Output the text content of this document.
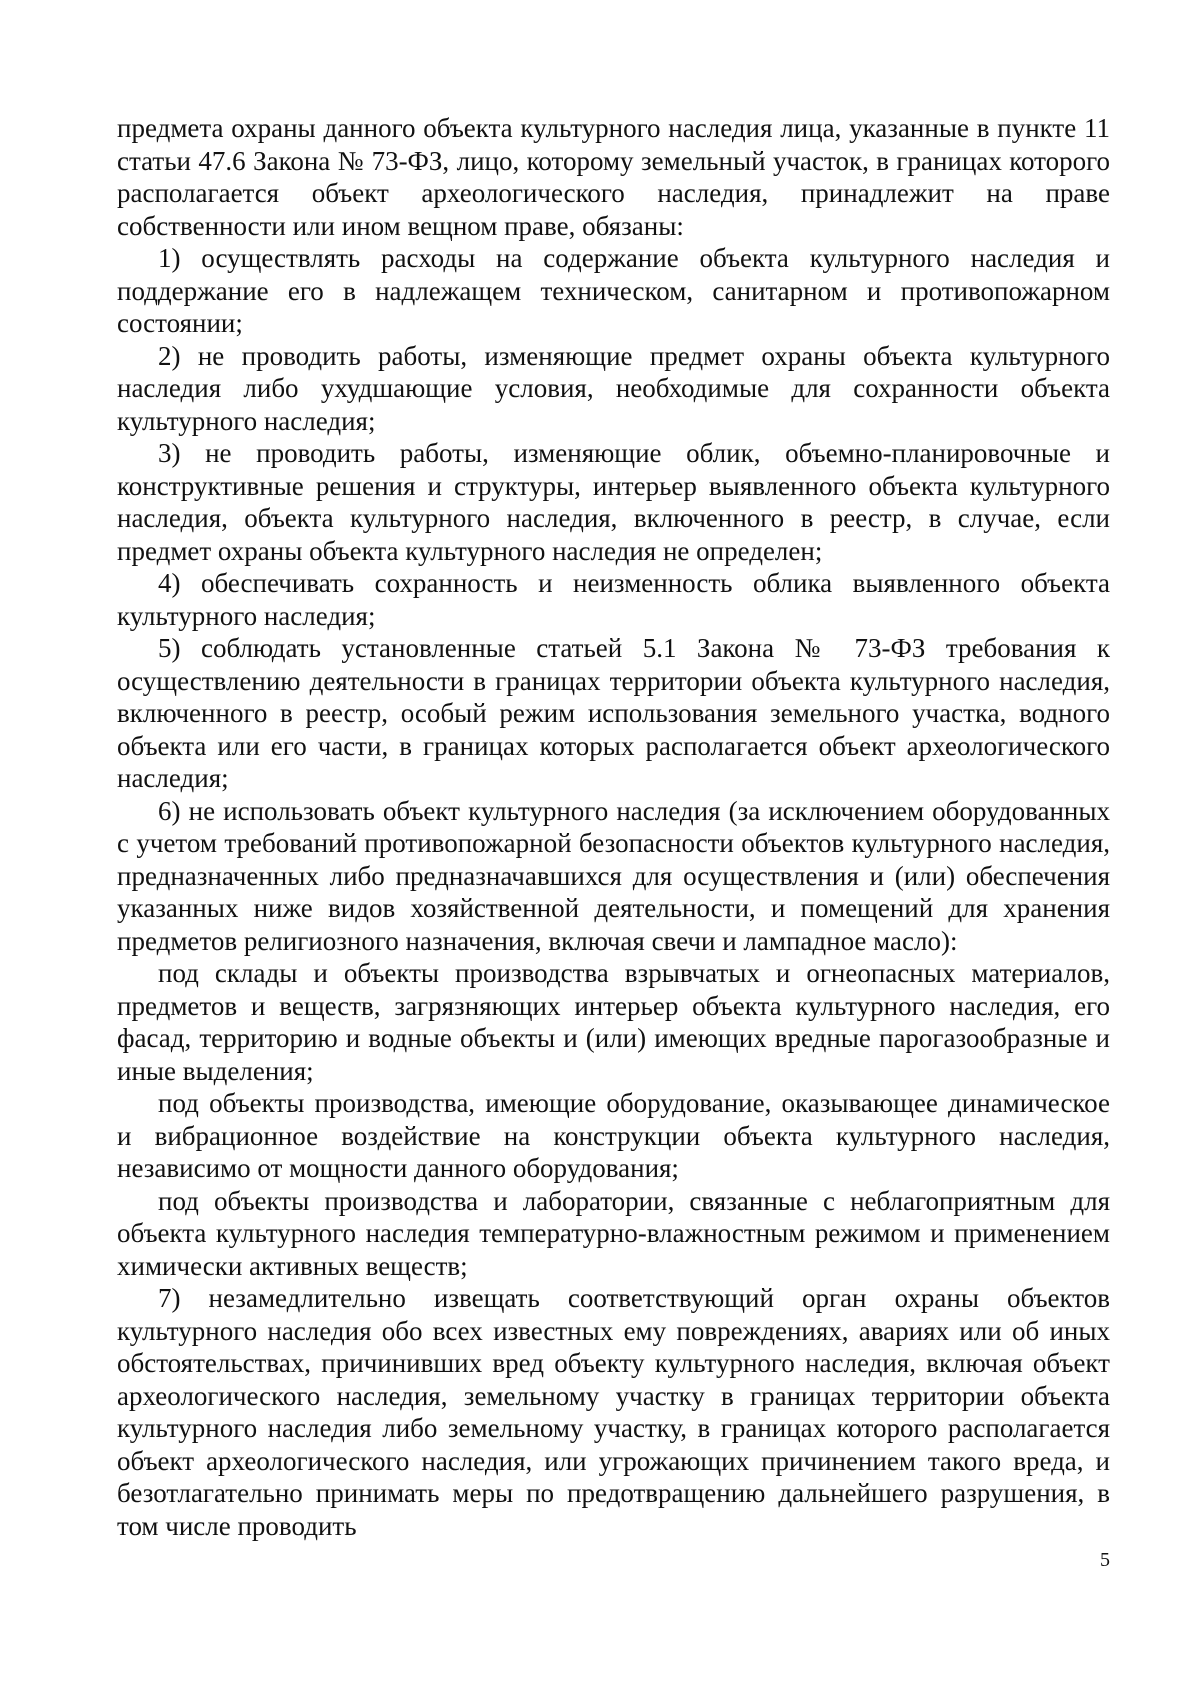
предмета охраны данного объекта культурного наследия лица, указанные в пункте 11 статьи 47.6 Закона № 73-ФЗ, лицо, которому земельный участок, в границах которого располагается объект археологического наследия, принадлежит на праве собственности или ином вещном праве, обязаны:

1) осуществлять расходы на содержание объекта культурного наследия и поддержание его в надлежащем техническом, санитарном и противопожарном состоянии;

2) не проводить работы, изменяющие предмет охраны объекта культурного наследия либо ухудшающие условия, необходимые для сохранности объекта культурного наследия;

3) не проводить работы, изменяющие облик, объемно-планировочные и конструктивные решения и структуры, интерьер выявленного объекта культурного наследия, объекта культурного наследия, включенного в реестр, в случае, если предмет охраны объекта культурного наследия не определен;

4) обеспечивать сохранность и неизменность облика выявленного объекта культурного наследия;

5) соблюдать установленные статьей 5.1 Закона № 73-ФЗ требования к осуществлению деятельности в границах территории объекта культурного наследия, включенного в реестр, особый режим использования земельного участка, водного объекта или его части, в границах которых располагается объект археологического наследия;

6) не использовать объект культурного наследия (за исключением оборудованных с учетом требований противопожарной безопасности объектов культурного наследия, предназначенных либо предназначавшихся для осуществления и (или) обеспечения указанных ниже видов хозяйственной деятельности, и помещений для хранения предметов религиозного назначения, включая свечи и лампадное масло):

под склады и объекты производства взрывчатых и огнеопасных материалов, предметов и веществ, загрязняющих интерьер объекта культурного наследия, его фасад, территорию и водные объекты и (или) имеющих вредные парогазообразные и иные выделения;

под объекты производства, имеющие оборудование, оказывающее динамическое и вибрационное воздействие на конструкции объекта культурного наследия, независимо от мощности данного оборудования;

под объекты производства и лаборатории, связанные с неблагоприятным для объекта культурного наследия температурно-влажностным режимом и применением химически активных веществ;

7) незамедлительно извещать соответствующий орган охраны объектов культурного наследия обо всех известных ему повреждениях, авариях или об иных обстоятельствах, причинивших вред объекту культурного наследия, включая объект археологического наследия, земельному участку в границах территории объекта культурного наследия либо земельному участку, в границах которого располагается объект археологического наследия, или угрожающих причинением такого вреда, и безотлагательно принимать меры по предотвращению дальнейшего разрушения, в том числе проводить

5
